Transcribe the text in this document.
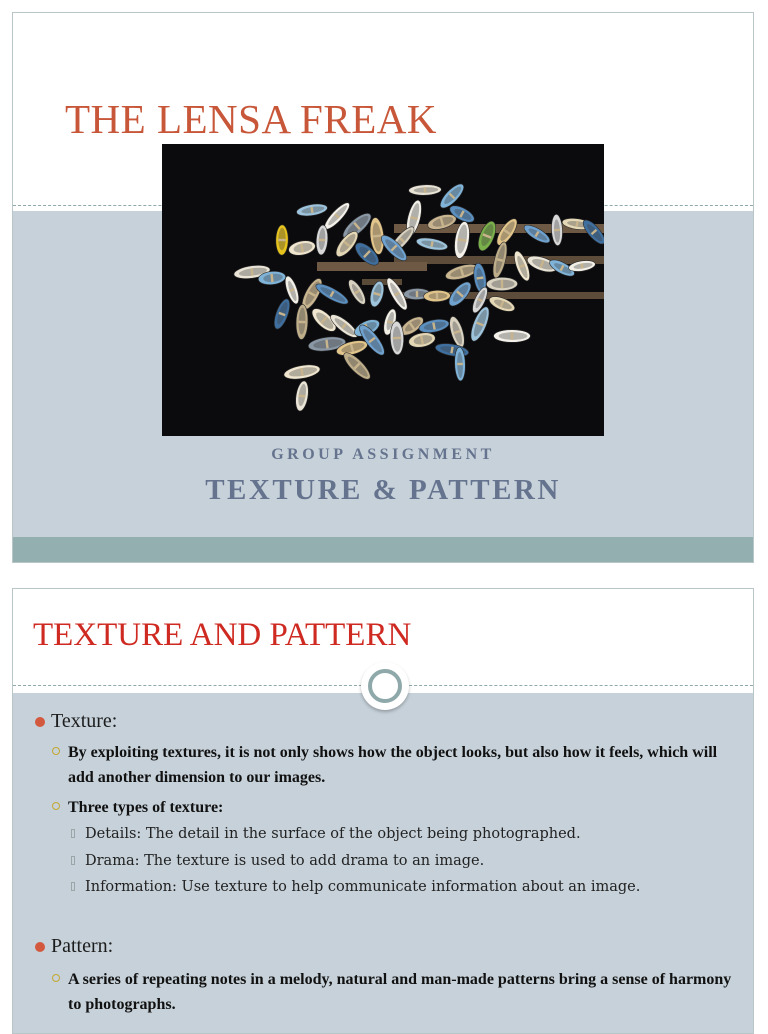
THE LENSA FREAK
GROUP ASSIGNMENT
TEXTURE & PATTERN
TEXTURE AND PATTERN
Texture:
By exploiting textures, it is not only shows how the object looks, but also how it feels, which will add another dimension to our images.
Three types of texture:
Details: The detail in the surface of the object being photographed.
Drama: The texture is used to add drama to an image.
Information: Use texture to help communicate information about an image.
Pattern:
A series of repeating notes in a melody, natural and man-made patterns bring a sense of harmony to photographs.
